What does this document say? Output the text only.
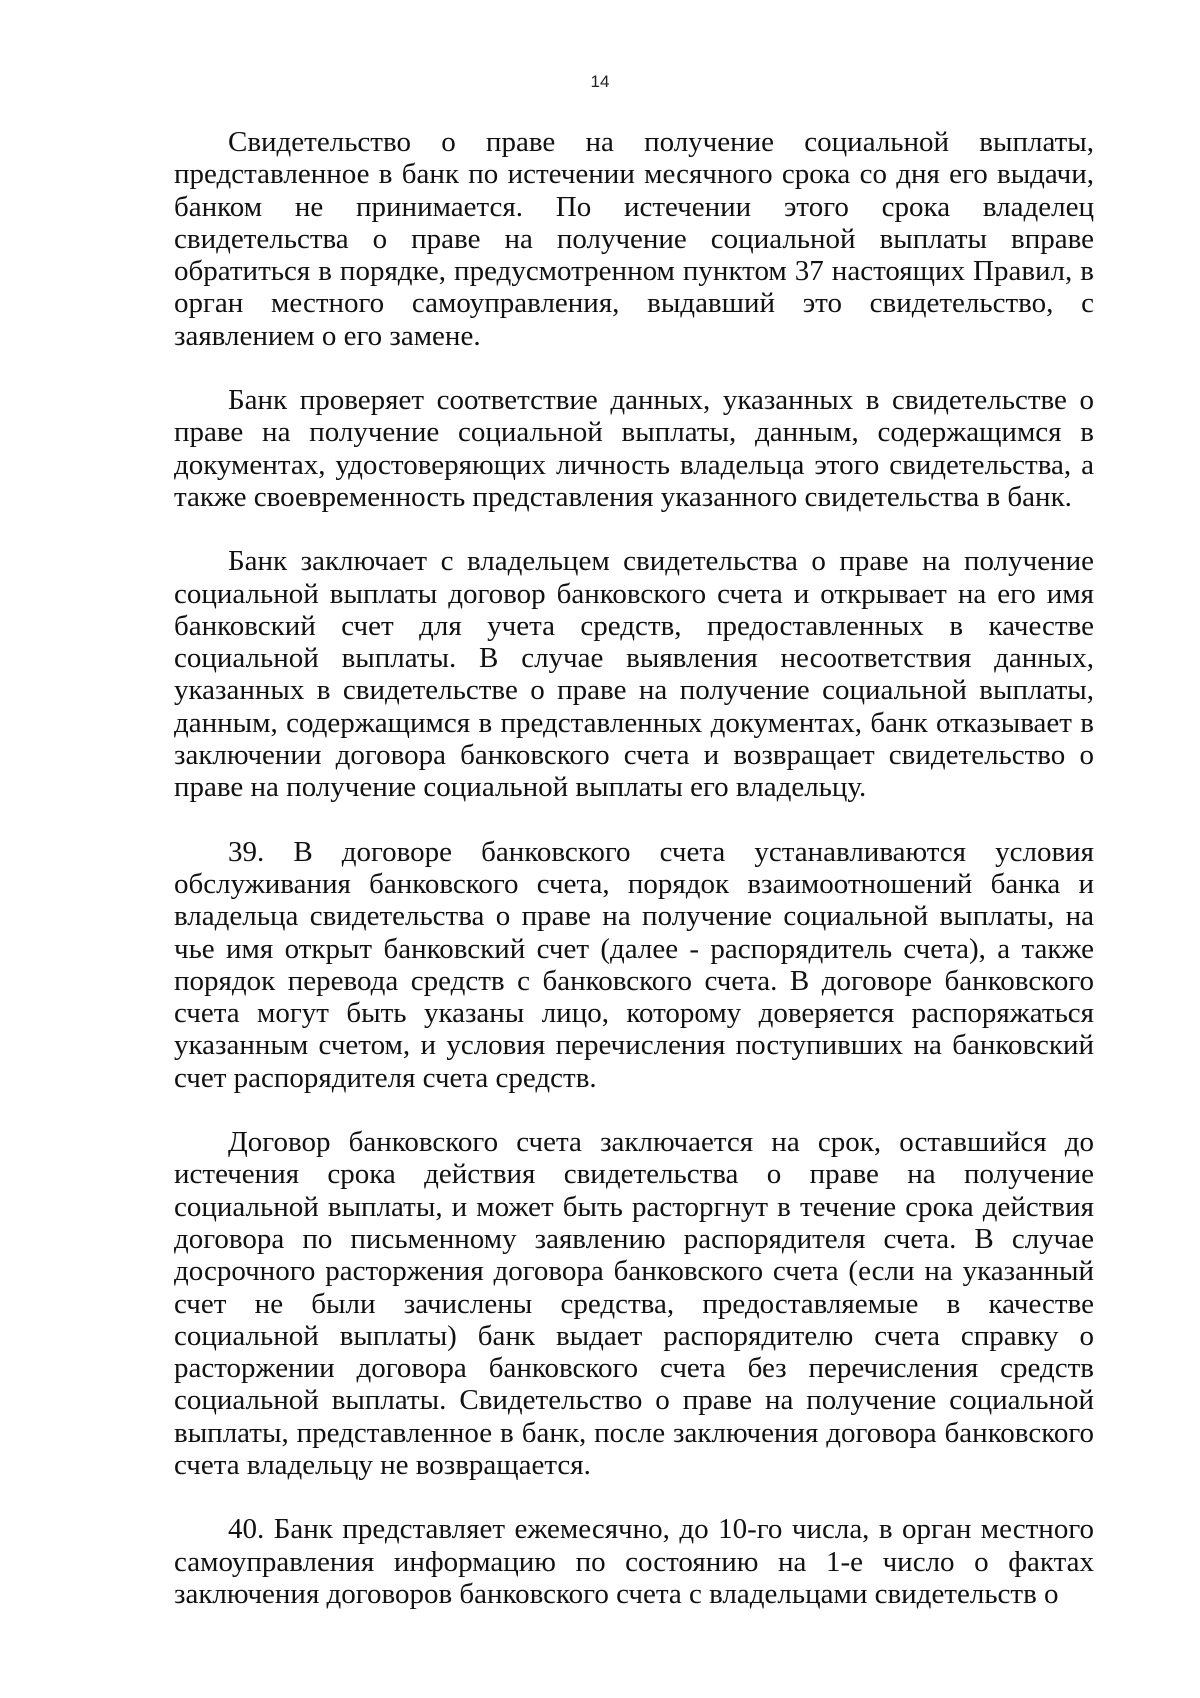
14

Свидетельство о праве на получение социальной выплаты, представленное в банк по истечении месячного срока со дня его выдачи, банком не принимается. По истечении этого срока владелец свидетельства о праве на получение социальной выплаты вправе обратиться в порядке, предусмотренном пунктом 37 настоящих Правил, в орган местного самоуправления, выдавший это свидетельство, с заявлением о его замене.

Банк проверяет соответствие данных, указанных в свидетельстве о праве на получение социальной выплаты, данным, содержащимся в документах, удостоверяющих личность владельца этого свидетельства, а также своевременность представления указанного свидетельства в банк.

Банк заключает с владельцем свидетельства о праве на получение социальной выплаты договор банковского счета и открывает на его имя банковский счет для учета средств, предоставленных в качестве социальной выплаты. В случае выявления несоответствия данных, указанных в свидетельстве о праве на получение социальной выплаты, данным, содержащимся в представленных документах, банк отказывает в заключении договора банковского счета и возвращает свидетельство о праве на получение социальной выплаты его владельцу.

39. В договоре банковского счета устанавливаются условия обслуживания банковского счета, порядок взаимоотношений банка и владельца свидетельства о праве на получение социальной выплаты, на чье имя открыт банковский счет (далее - распорядитель счета), а также порядок перевода средств с банковского счета. В договоре банковского счета могут быть указаны лицо, которому доверяется распоряжаться указанным счетом, и условия перечисления поступивших на банковский счет распорядителя счета средств.

Договор банковского счета заключается на срок, оставшийся до истечения срока действия свидетельства о праве на получение социальной выплаты, и может быть расторгнут в течение срока действия договора по письменному заявлению распорядителя счета. В случае досрочного расторжения договора банковского счета (если на указанный счет не были зачислены средства, предоставляемые в качестве социальной выплаты) банк выдает распорядителю счета справку о расторжении договора банковского счета без перечисления средств социальной выплаты. Свидетельство о праве на получение социальной выплаты, представленное в банк, после заключения договора банковского счета владельцу не возвращается.

40. Банк представляет ежемесячно, до 10-го числа, в орган местного самоуправления информацию по состоянию на 1-е число о фактах заключения договоров банковского счета с владельцами свидетельств о
